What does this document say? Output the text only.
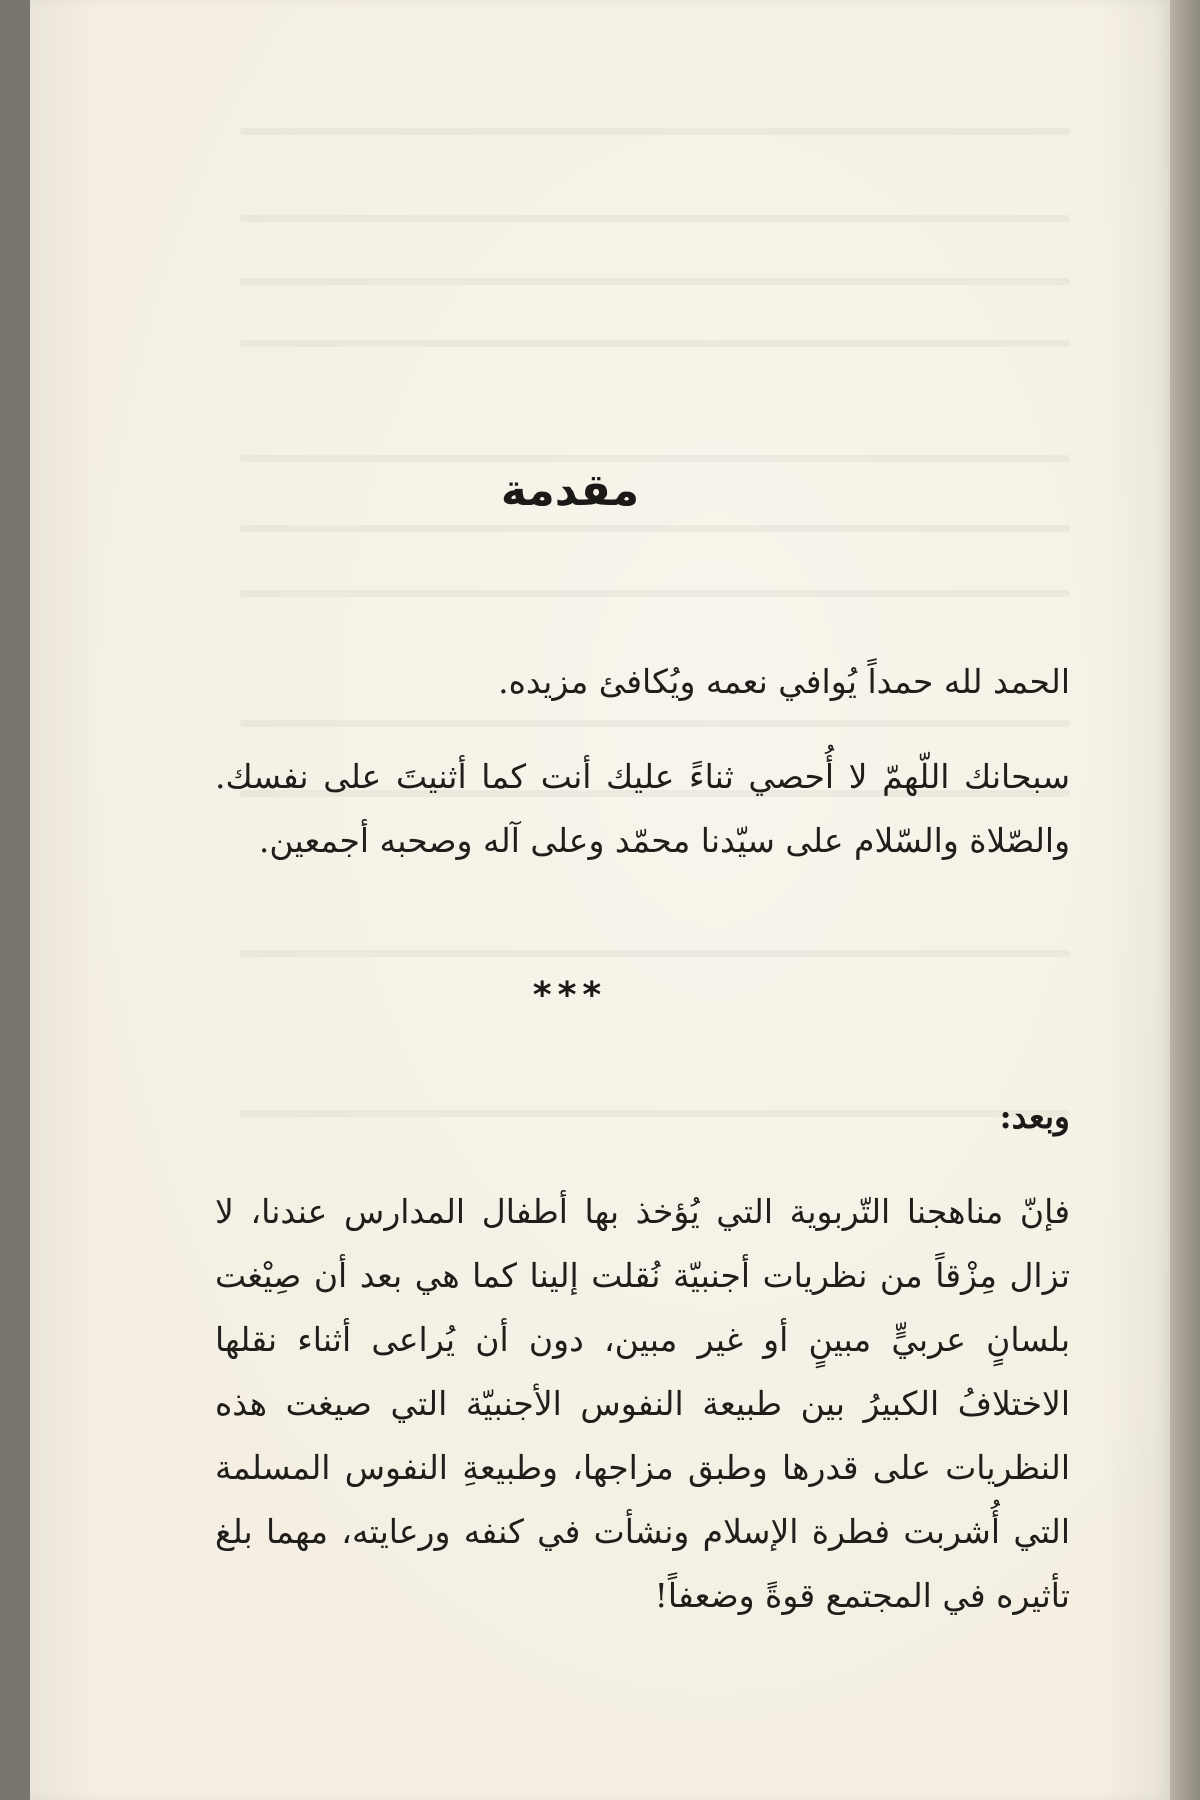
مقدمة
الحمد لله حمداً يُوافي نعمه ويُكافئ مزيده.
سبحانك اللّهمّ لا أُحصي ثناءً عليك أنت كما أثنيتَ على نفسك. والصّلاة والسّلام على سيّدنا محمّد وعلى آله وصحبه أجمعين.
***
وبعد:
فإنّ مناهجنا التّربوية التي يُؤخذ بها أطفال المدارس عندنا، لا تزال مِزْقاً من نظريات أجنبيّة نُقلت إلينا كما هي بعد أن صِيْغت بلسانٍ عربيٍّ مبينٍ أو غير مبين، دون أن يُراعى أثناء نقلها الاختلافُ الكبيرُ بين طبيعة النفوس الأجنبيّة التي صيغت هذه النظريات على قدرها وطبق مزاجها، وطبيعةِ النفوس المسلمة التي أُشربت فطرة الإسلام ونشأت في كنفه ورعايته، مهما بلغ تأثيره في المجتمع قوةً وضعفاً!
